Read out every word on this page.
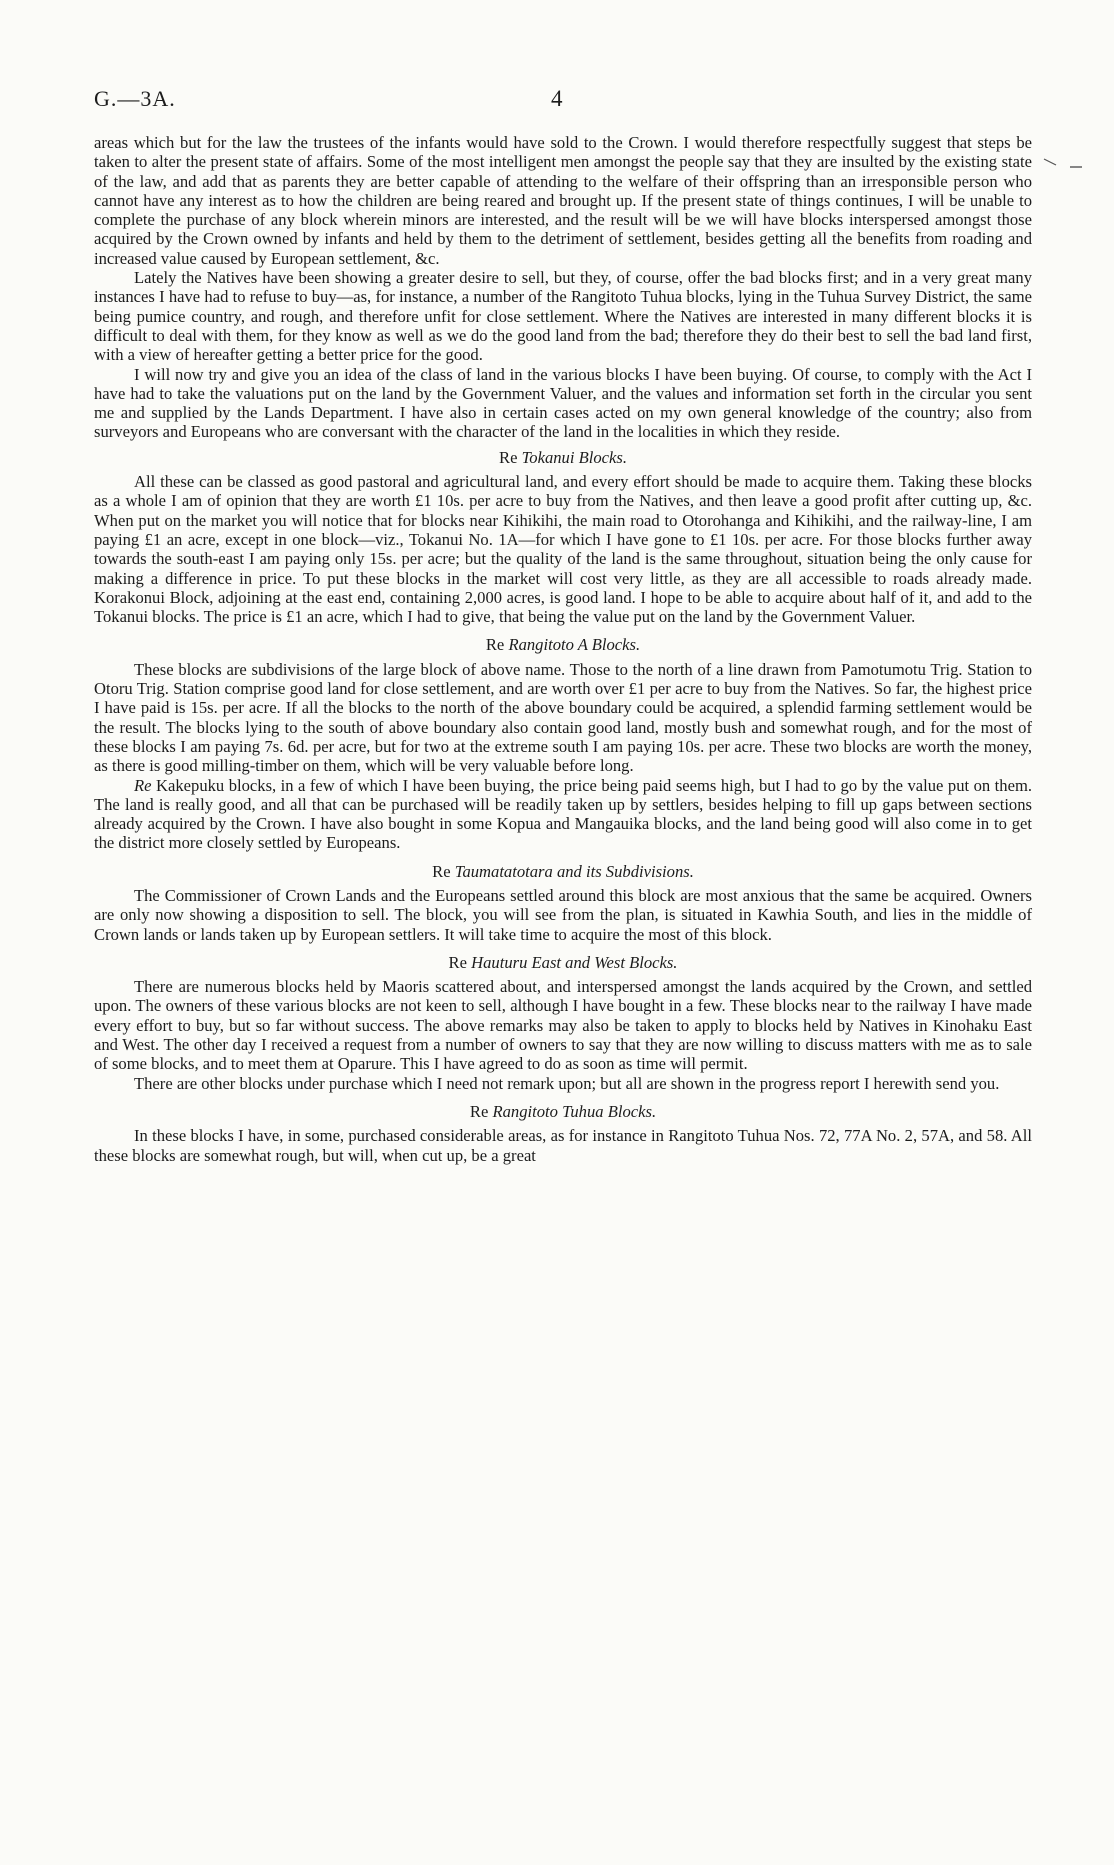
G.—3A.	4

areas which but for the law the trustees of the infants would have sold to the Crown. I would therefore respectfully suggest that steps be taken to alter the present state of affairs. Some of the most intelligent men amongst the people say that they are insulted by the existing state of the law, and add that as parents they are better capable of attending to the welfare of their offspring than an irresponsible person who cannot have any interest as to how the children are being reared and brought up. If the present state of things continues, I will be unable to complete the purchase of any block wherein minors are interested, and the result will be we will have blocks interspersed amongst those acquired by the Crown owned by infants and held by them to the detriment of settlement, besides getting all the benefits from roading and increased value caused by European settlement, &c.

Lately the Natives have been showing a greater desire to sell, but they, of course, offer the bad blocks first; and in a very great many instances I have had to refuse to buy—as, for instance, a number of the Rangitoto Tuhua blocks, lying in the Tuhua Survey District, the same being pumice country, and rough, and therefore unfit for close settlement. Where the Natives are interested in many different blocks it is difficult to deal with them, for they know as well as we do the good land from the bad; therefore they do their best to sell the bad land first, with a view of hereafter getting a better price for the good.

I will now try and give you an idea of the class of land in the various blocks I have been buying. Of course, to comply with the Act I have had to take the valuations put on the land by the Government Valuer, and the values and information set forth in the circular you sent me and supplied by the Lands Department. I have also in certain cases acted on my own general knowledge of the country; also from surveyors and Europeans who are conversant with the character of the land in the localities in which they reside.

Re Tokanui Blocks.

All these can be classed as good pastoral and agricultural land, and every effort should be made to acquire them. Taking these blocks as a whole I am of opinion that they are worth £1 10s. per acre to buy from the Natives, and then leave a good profit after cutting up, &c. When put on the market you will notice that for blocks near Kihikihi, the main road to Otorohanga and Kihikihi, and the railway-line, I am paying £1 an acre, except in one block—viz., Tokanui No. 1A—for which I have gone to £1 10s. per acre. For those blocks further away towards the south-east I am paying only 15s. per acre; but the quality of the land is the same throughout, situation being the only cause for making a difference in price. To put these blocks in the market will cost very little, as they are all accessible to roads already made. Korakonui Block, adjoining at the east end, containing 2,000 acres, is good land. I hope to be able to acquire about half of it, and add to the Tokanui blocks. The price is £1 an acre, which I had to give, that being the value put on the land by the Government Valuer.

Re Rangitoto A Blocks.

These blocks are subdivisions of the large block of above name. Those to the north of a line drawn from Pamotumotu Trig. Station to Otoru Trig. Station comprise good land for close settlement, and are worth over £1 per acre to buy from the Natives. So far, the highest price I have paid is 15s. per acre. If all the blocks to the north of the above boundary could be acquired, a splendid farming settlement would be the result. The blocks lying to the south of above boundary also contain good land, mostly bush and somewhat rough, and for the most of these blocks I am paying 7s. 6d. per acre, but for two at the extreme south I am paying 10s. per acre. These two blocks are worth the money, as there is good milling-timber on them, which will be very valuable before long.

Re Kakepuku blocks, in a few of which I have been buying, the price being paid seems high, but I had to go by the value put on them. The land is really good, and all that can be purchased will be readily taken up by settlers, besides helping to fill up gaps between sections already acquired by the Crown. I have also bought in some Kopua and Mangauika blocks, and the land being good will also come in to get the district more closely settled by Europeans.

Re Taumatatotara and its Subdivisions.

The Commissioner of Crown Lands and the Europeans settled around this block are most anxious that the same be acquired. Owners are only now showing a disposition to sell. The block, you will see from the plan, is situated in Kawhia South, and lies in the middle of Crown lands or lands taken up by European settlers. It will take time to acquire the most of this block.

Re Hauturu East and West Blocks.

There are numerous blocks held by Maoris scattered about, and interspersed amongst the lands acquired by the Crown, and settled upon. The owners of these various blocks are not keen to sell, although I have bought in a few. These blocks near to the railway I have made every effort to buy, but so far without success. The above remarks may also be taken to apply to blocks held by Natives in Kinohaku East and West. The other day I received a request from a number of owners to say that they are now willing to discuss matters with me as to sale of some blocks, and to meet them at Oparure. This I have agreed to do as soon as time will permit.

There are other blocks under purchase which I need not remark upon; but all are shown in the progress report I herewith send you.

Re Rangitoto Tuhua Blocks.

In these blocks I have, in some, purchased considerable areas, as for instance in Rangitoto Tuhua Nos. 72, 77A No. 2, 57A, and 58. All these blocks are somewhat rough, but will, when cut up, be a great
